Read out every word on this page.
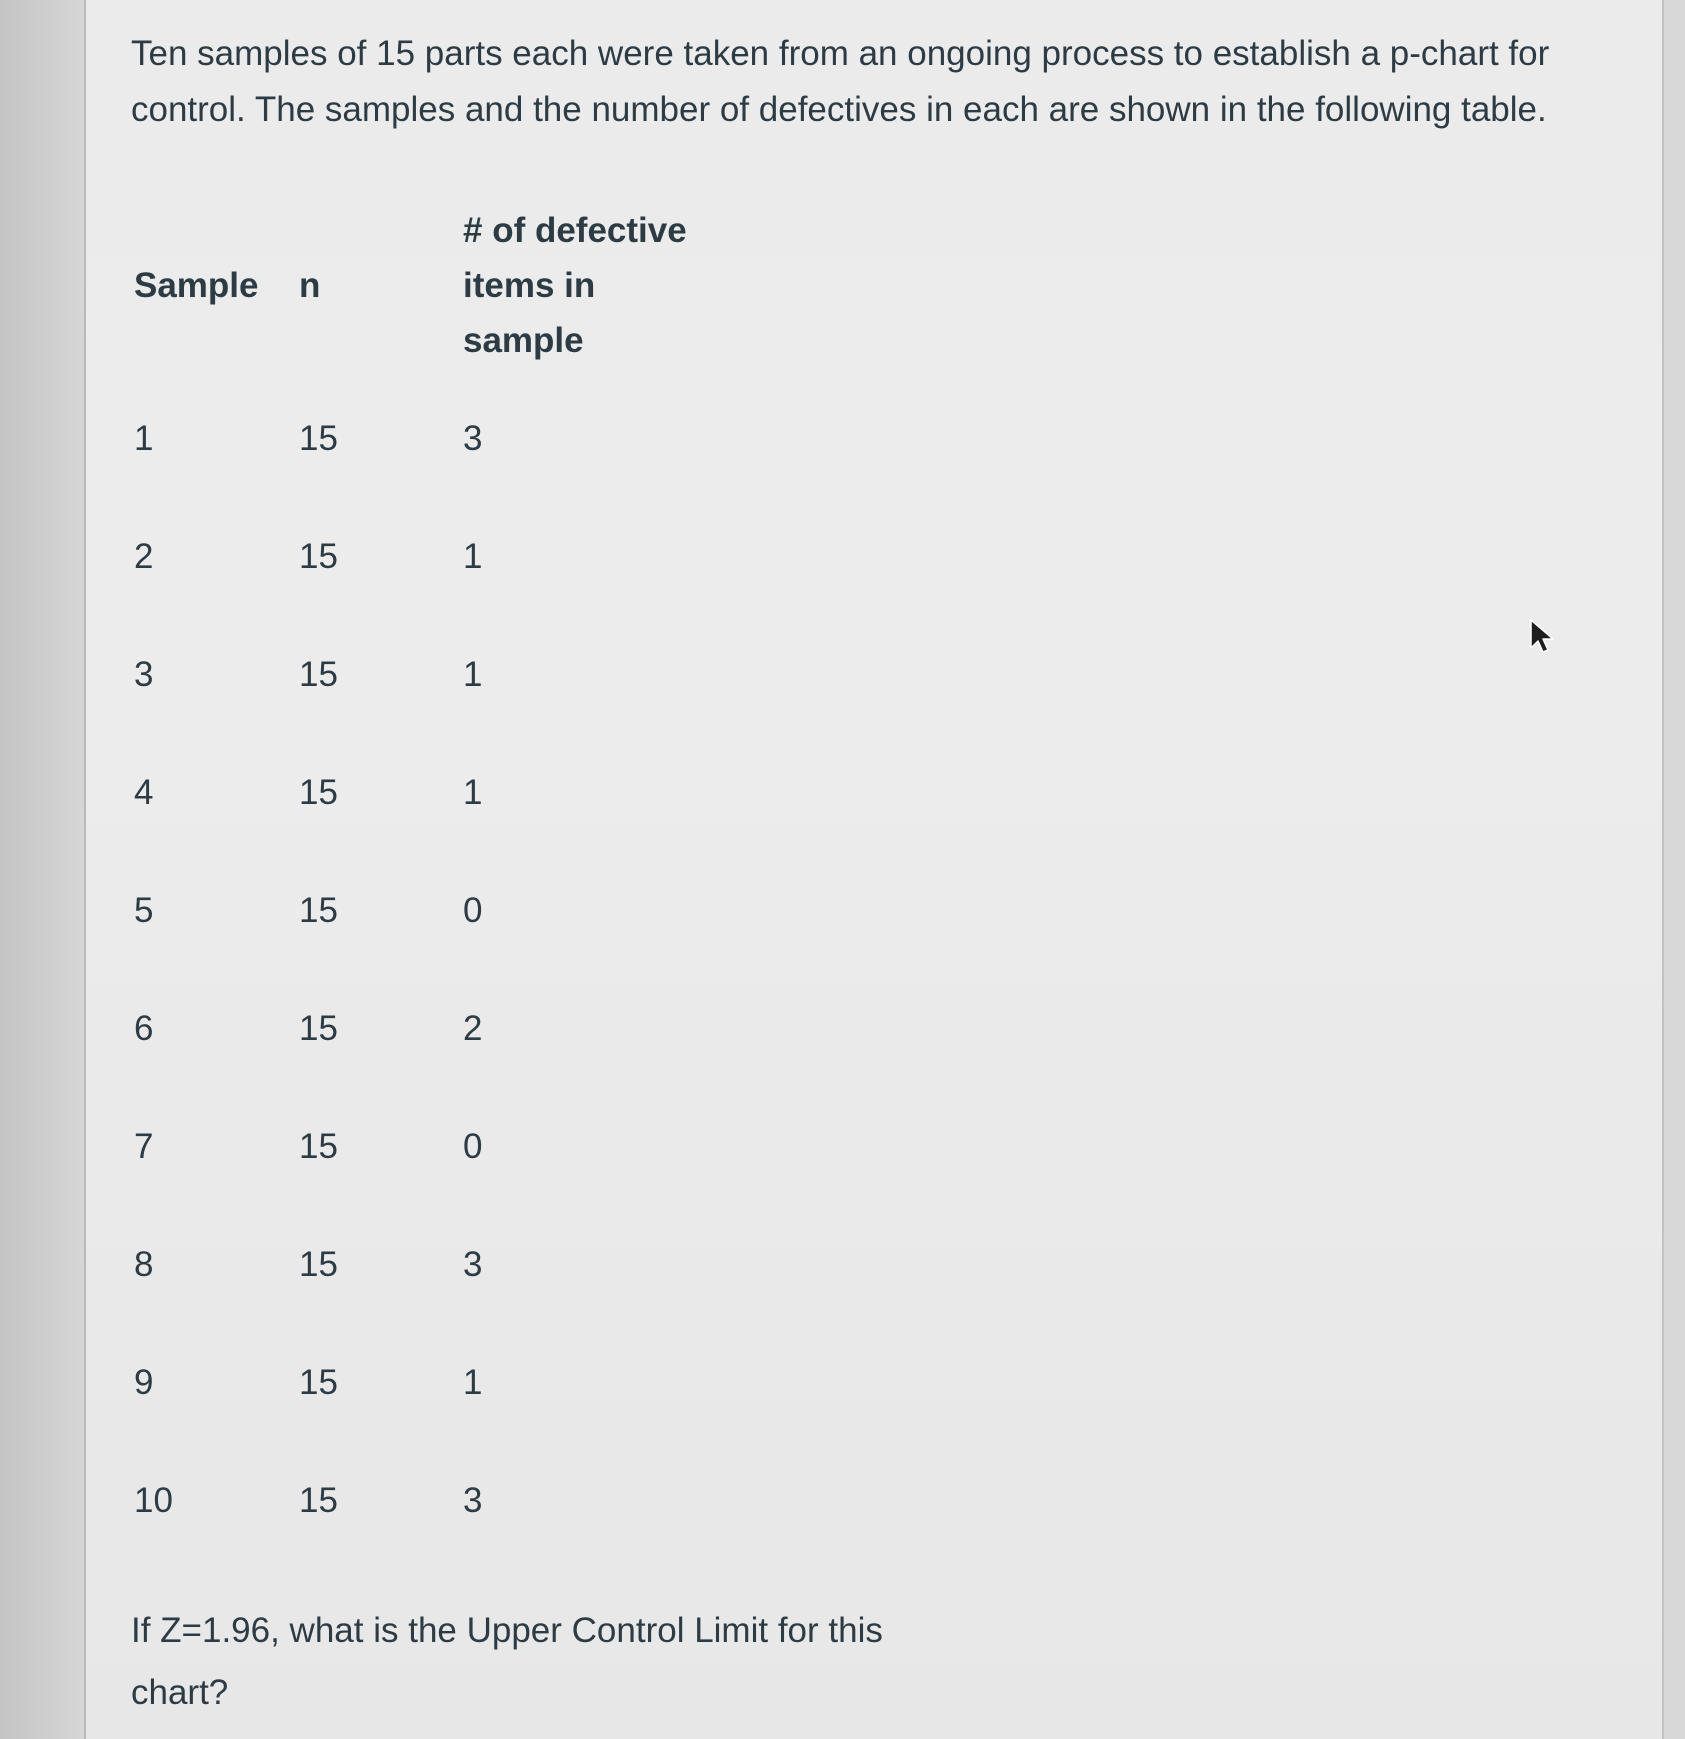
Ten samples of 15 parts each were taken from an ongoing process to establish a p-chart for control. The samples and the number of defectives in each are shown in the following table.

Sample	n	# of defective
items in
sample
1	15	3
2	15	1
3	15	1
4	15	1
5	15	0
6	15	2
7	15	0
8	15	3
9	15	1
10	15	3

If Z=1.96, what is the Upper Control Limit for this
chart?
